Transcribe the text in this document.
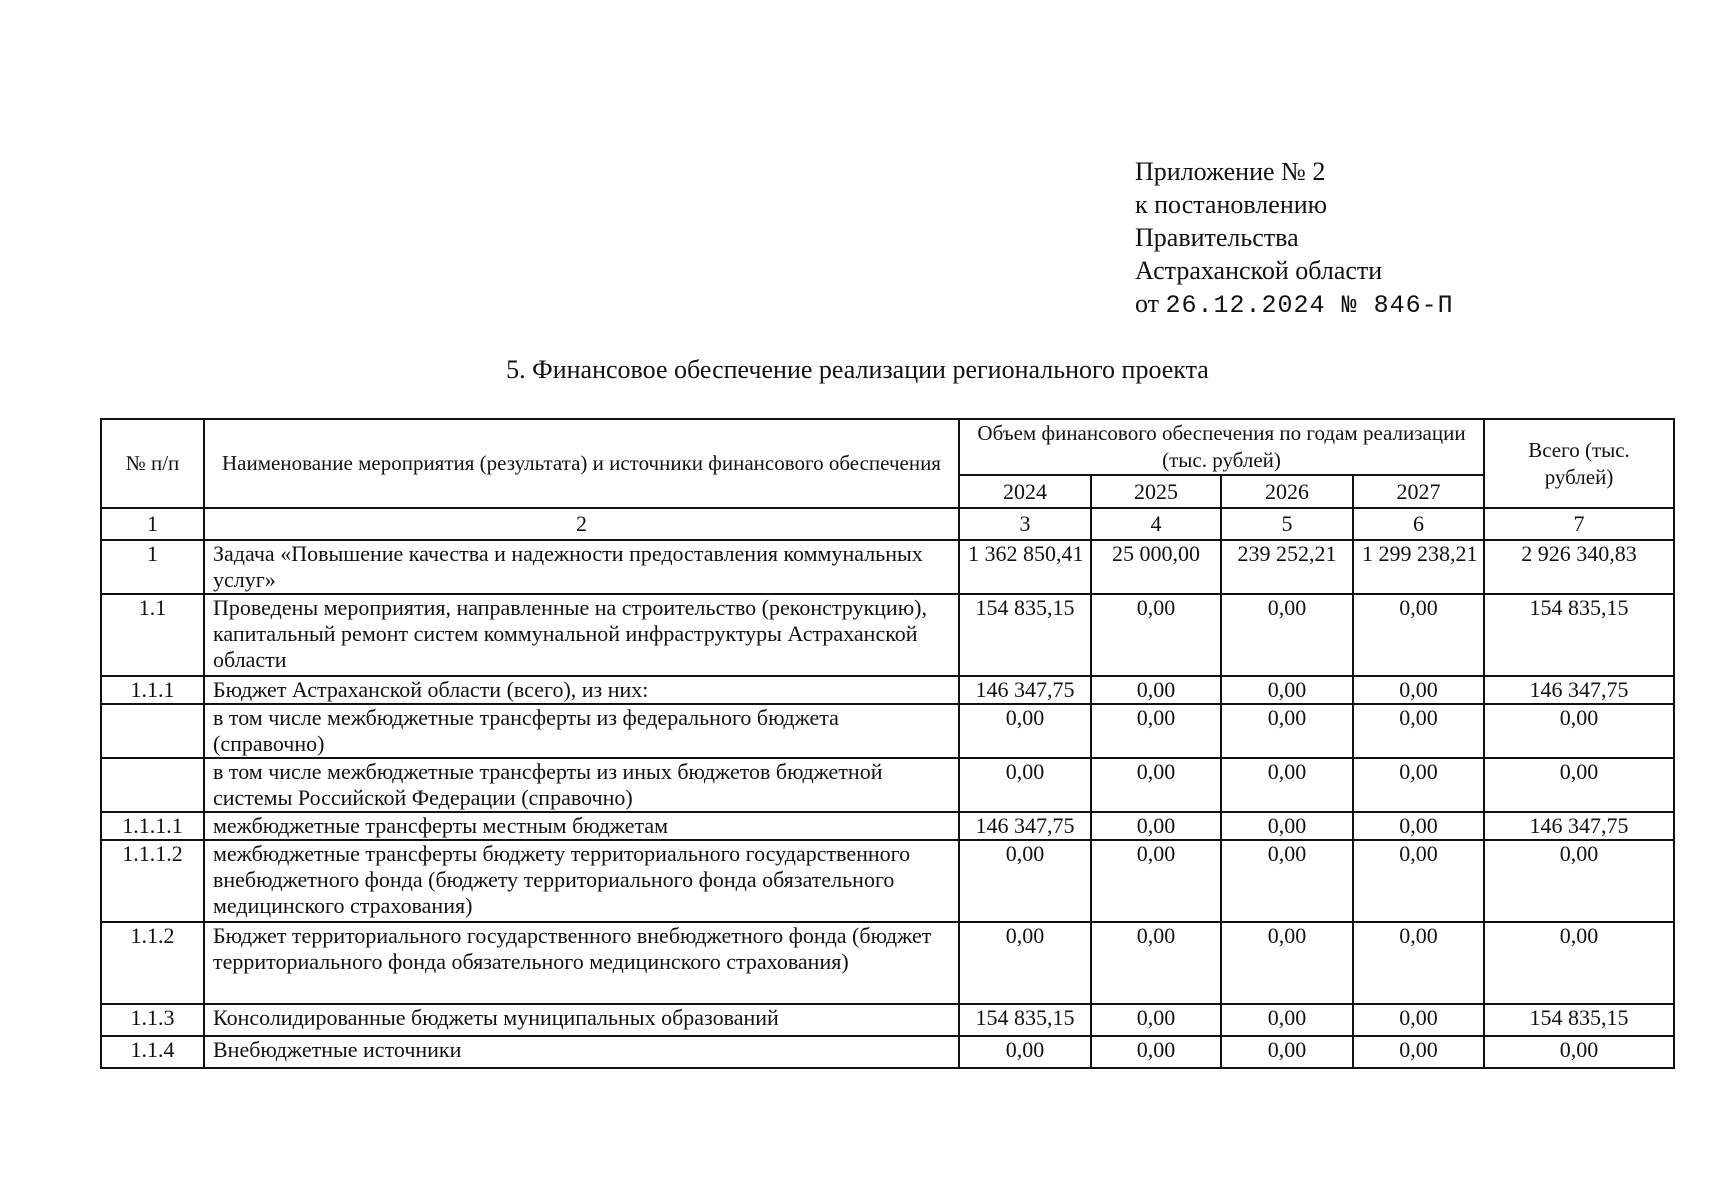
Приложение № 2
к постановлению
Правительства
Астраханской области
от 26.12.2024 № 846-П
5. Финансовое обеспечение реализации регионального проекта
№ п/п	Наименование мероприятия (результата) и источники финансового обеспечения	Объем финансового обеспечения по годам реализации (тыс. рублей)				Всего (тыс. рублей)
		2024	2025	2026	2027	
1	2	3	4	5	6	7
1	Задача «Повышение качества и надежности предоставления коммунальных услуг»	1 362 850,41	25 000,00	239 252,21	1 299 238,21	2 926 340,83
1.1	Проведены мероприятия, направленные на строительство (реконструкцию), капитальный ремонт систем коммунальной инфраструктуры Астраханской области	154 835,15	0,00	0,00	0,00	154 835,15
1.1.1	Бюджет Астраханской области (всего), из них:	146 347,75	0,00	0,00	0,00	146 347,75
	в том числе межбюджетные трансферты из федерального бюджета (справочно)	0,00	0,00	0,00	0,00	0,00
	в том числе межбюджетные трансферты из иных бюджетов бюджетной системы Российской Федерации (справочно)	0,00	0,00	0,00	0,00	0,00
1.1.1.1	межбюджетные трансферты местным бюджетам	146 347,75	0,00	0,00	0,00	146 347,75
1.1.1.2	межбюджетные трансферты бюджету территориального государственного внебюджетного фонда (бюджету территориального фонда обязательного медицинского страхования)	0,00	0,00	0,00	0,00	0,00
1.1.2	Бюджет территориального государственного внебюджетного фонда (бюджет территориального фонда обязательного медицинского страхования)	0,00	0,00	0,00	0,00	0,00
1.1.3	Консолидированные бюджеты муниципальных образований	154 835,15	0,00	0,00	0,00	154 835,15
1.1.4	Внебюджетные источники	0,00	0,00	0,00	0,00	0,00
